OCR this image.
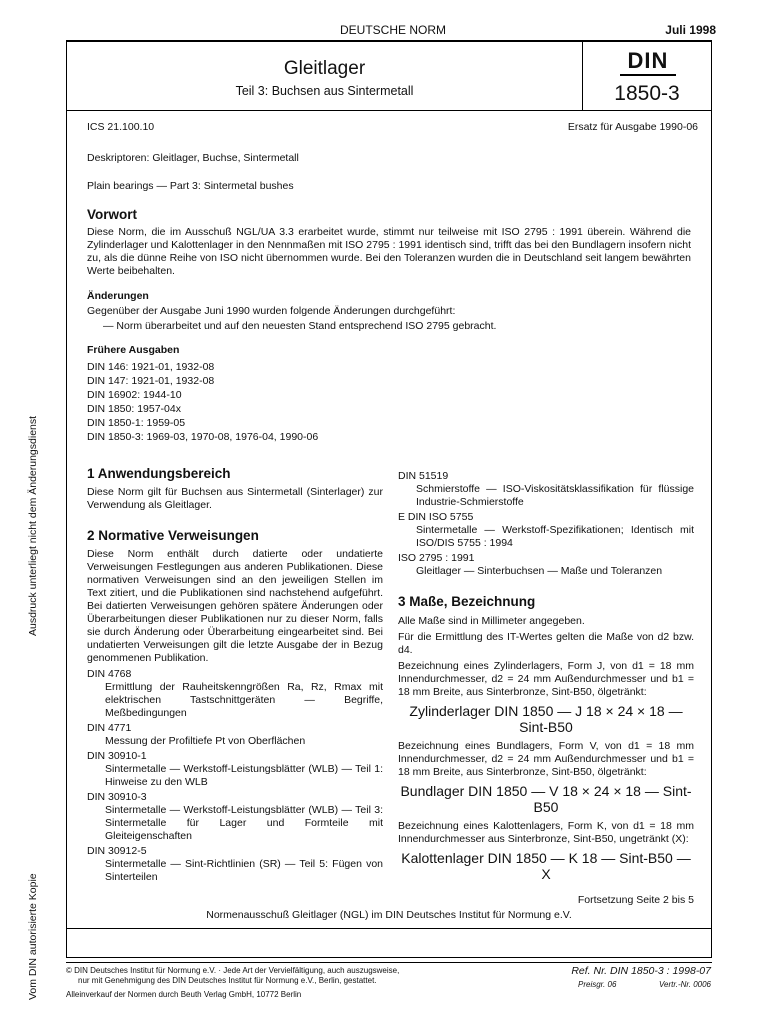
Ausdruck unterliegt nicht dem Änderungsdienst
Vom DIN autorisierte Kopie
DEUTSCHE NORM	Juli 1998
Gleitlager
Teil 3: Buchsen aus Sintermetall
DIN
1850-3
ICS 21.100.10	Ersatz für Ausgabe 1990-06
Deskriptoren: Gleitlager, Buchse, Sintermetall
Plain bearings — Part 3: Sintermetal bushes
Vorwort
Diese Norm, die im Ausschuß NGL/UA 3.3 erarbeitet wurde, stimmt nur teilweise mit ISO 2795 : 1991 überein. Während die Zylinderlager und Kalottenlager in den Nennmaßen mit ISO 2795 : 1991 identisch sind, trifft das bei den Bundlagern insofern nicht zu, als die dünne Reihe von ISO nicht übernommen wurde. Bei den Toleranzen wurden die in Deutschland seit langem bewährten Werte beibehalten.
Änderungen
Gegenüber der Ausgabe Juni 1990 wurden folgende Änderungen durchgeführt:
— Norm überarbeitet und auf den neuesten Stand entsprechend ISO 2795 gebracht.
Frühere Ausgaben
DIN 146: 1921-01, 1932-08
DIN 147: 1921-01, 1932-08
DIN 16902: 1944-10
DIN 1850: 1957-04x
DIN 1850-1: 1959-05
DIN 1850-3: 1969-03, 1970-08, 1976-04, 1990-06
1 Anwendungsbereich

Diese Norm gilt für Buchsen aus Sintermetall (Sinterlager) zur Verwendung als Gleitlager.

2 Normative Verweisungen

Diese Norm enthält durch datierte oder undatierte Verweisungen Festlegungen aus anderen Publikationen. Diese normativen Verweisungen sind an den jeweiligen Stellen im Text zitiert, und die Publikationen sind nachstehend aufgeführt. Bei datierten Verweisungen gehören spätere Änderungen oder Überarbeitungen dieser Publikationen nur zu dieser Norm, falls sie durch Änderung oder Überarbeitung eingearbeitet sind. Bei undatierten Verweisungen gilt die letzte Ausgabe der in Bezug genommenen Publikation.

DIN 4768
Ermittlung der Rauheitskenngrößen Ra, Rz, Rmax mit elektrischen Tastschnittgeräten — Begriffe, Meßbedingungen
DIN 4771
Messung der Profiltiefe Pt von Oberflächen
DIN 30910-1
Sintermetalle — Werkstoff-Leistungsblätter (WLB) — Teil 1: Hinweise zu den WLB
DIN 30910-3
Sintermetalle — Werkstoff-Leistungsblätter (WLB) — Teil 3: Sintermetalle für Lager und Formteile mit Gleiteigenschaften
DIN 30912-5
Sintermetalle — Sint-Richtlinien (SR) — Teil 5: Fügen von Sinterteilen
DIN 51519
Schmierstoffe — ISO-Viskositätsklassifikation für flüssige Industrie-Schmierstoffe
E DIN ISO 5755
Sintermetalle — Werkstoff-Spezifikationen; Identisch mit ISO/DIS 5755 : 1994
ISO 2795 : 1991
Gleitlager — Sinterbuchsen — Maße und Toleranzen
3 Maße, Bezeichnung

Alle Maße sind in Millimeter angegeben.

Für die Ermittlung des IT-Wertes gelten die Maße von d2 bzw. d4.

Bezeichnung eines Zylinderlagers, Form J, von d1 = 18 mm Innendurchmesser, d2 = 24 mm Außendurchmesser und b1 = 18 mm Breite, aus Sinterbronze, Sint-B50, ölgetränkt:

Zylinderlager DIN 1850 — J 18 × 24 × 18 — Sint-B50

Bezeichnung eines Bundlagers, Form V, von d1 = 18 mm Innendurchmesser, d2 = 24 mm Außendurchmesser und b1 = 18 mm Breite, aus Sinterbronze, Sint-B50, ölgetränkt:

Bundlager DIN 1850 — V 18 × 24 × 18 — Sint-B50

Bezeichnung eines Kalottenlagers, Form K, von d1 = 18 mm Innendurchmesser aus Sinterbronze, Sint-B50, ungetränkt (X):

Kalottenlager DIN 1850 — K 18 — Sint-B50 — X

Fortsetzung Seite 2 bis 5

Normenausschuß Gleitlager (NGL) im DIN Deutsches Institut für Normung e.V.
© DIN Deutsches Institut für Normung e.V. · Jede Art der Vervielfältigung, auch auszugsweise,
nur mit Genehmigung des DIN Deutsches Institut für Normung e.V., Berlin, gestattet.
Alleinverkauf der Normen durch Beuth Verlag GmbH, 10772 Berlin
Ref. Nr. DIN 1850-3 : 1998-07
Preisgr. 06	Vertr.-Nr. 0006
